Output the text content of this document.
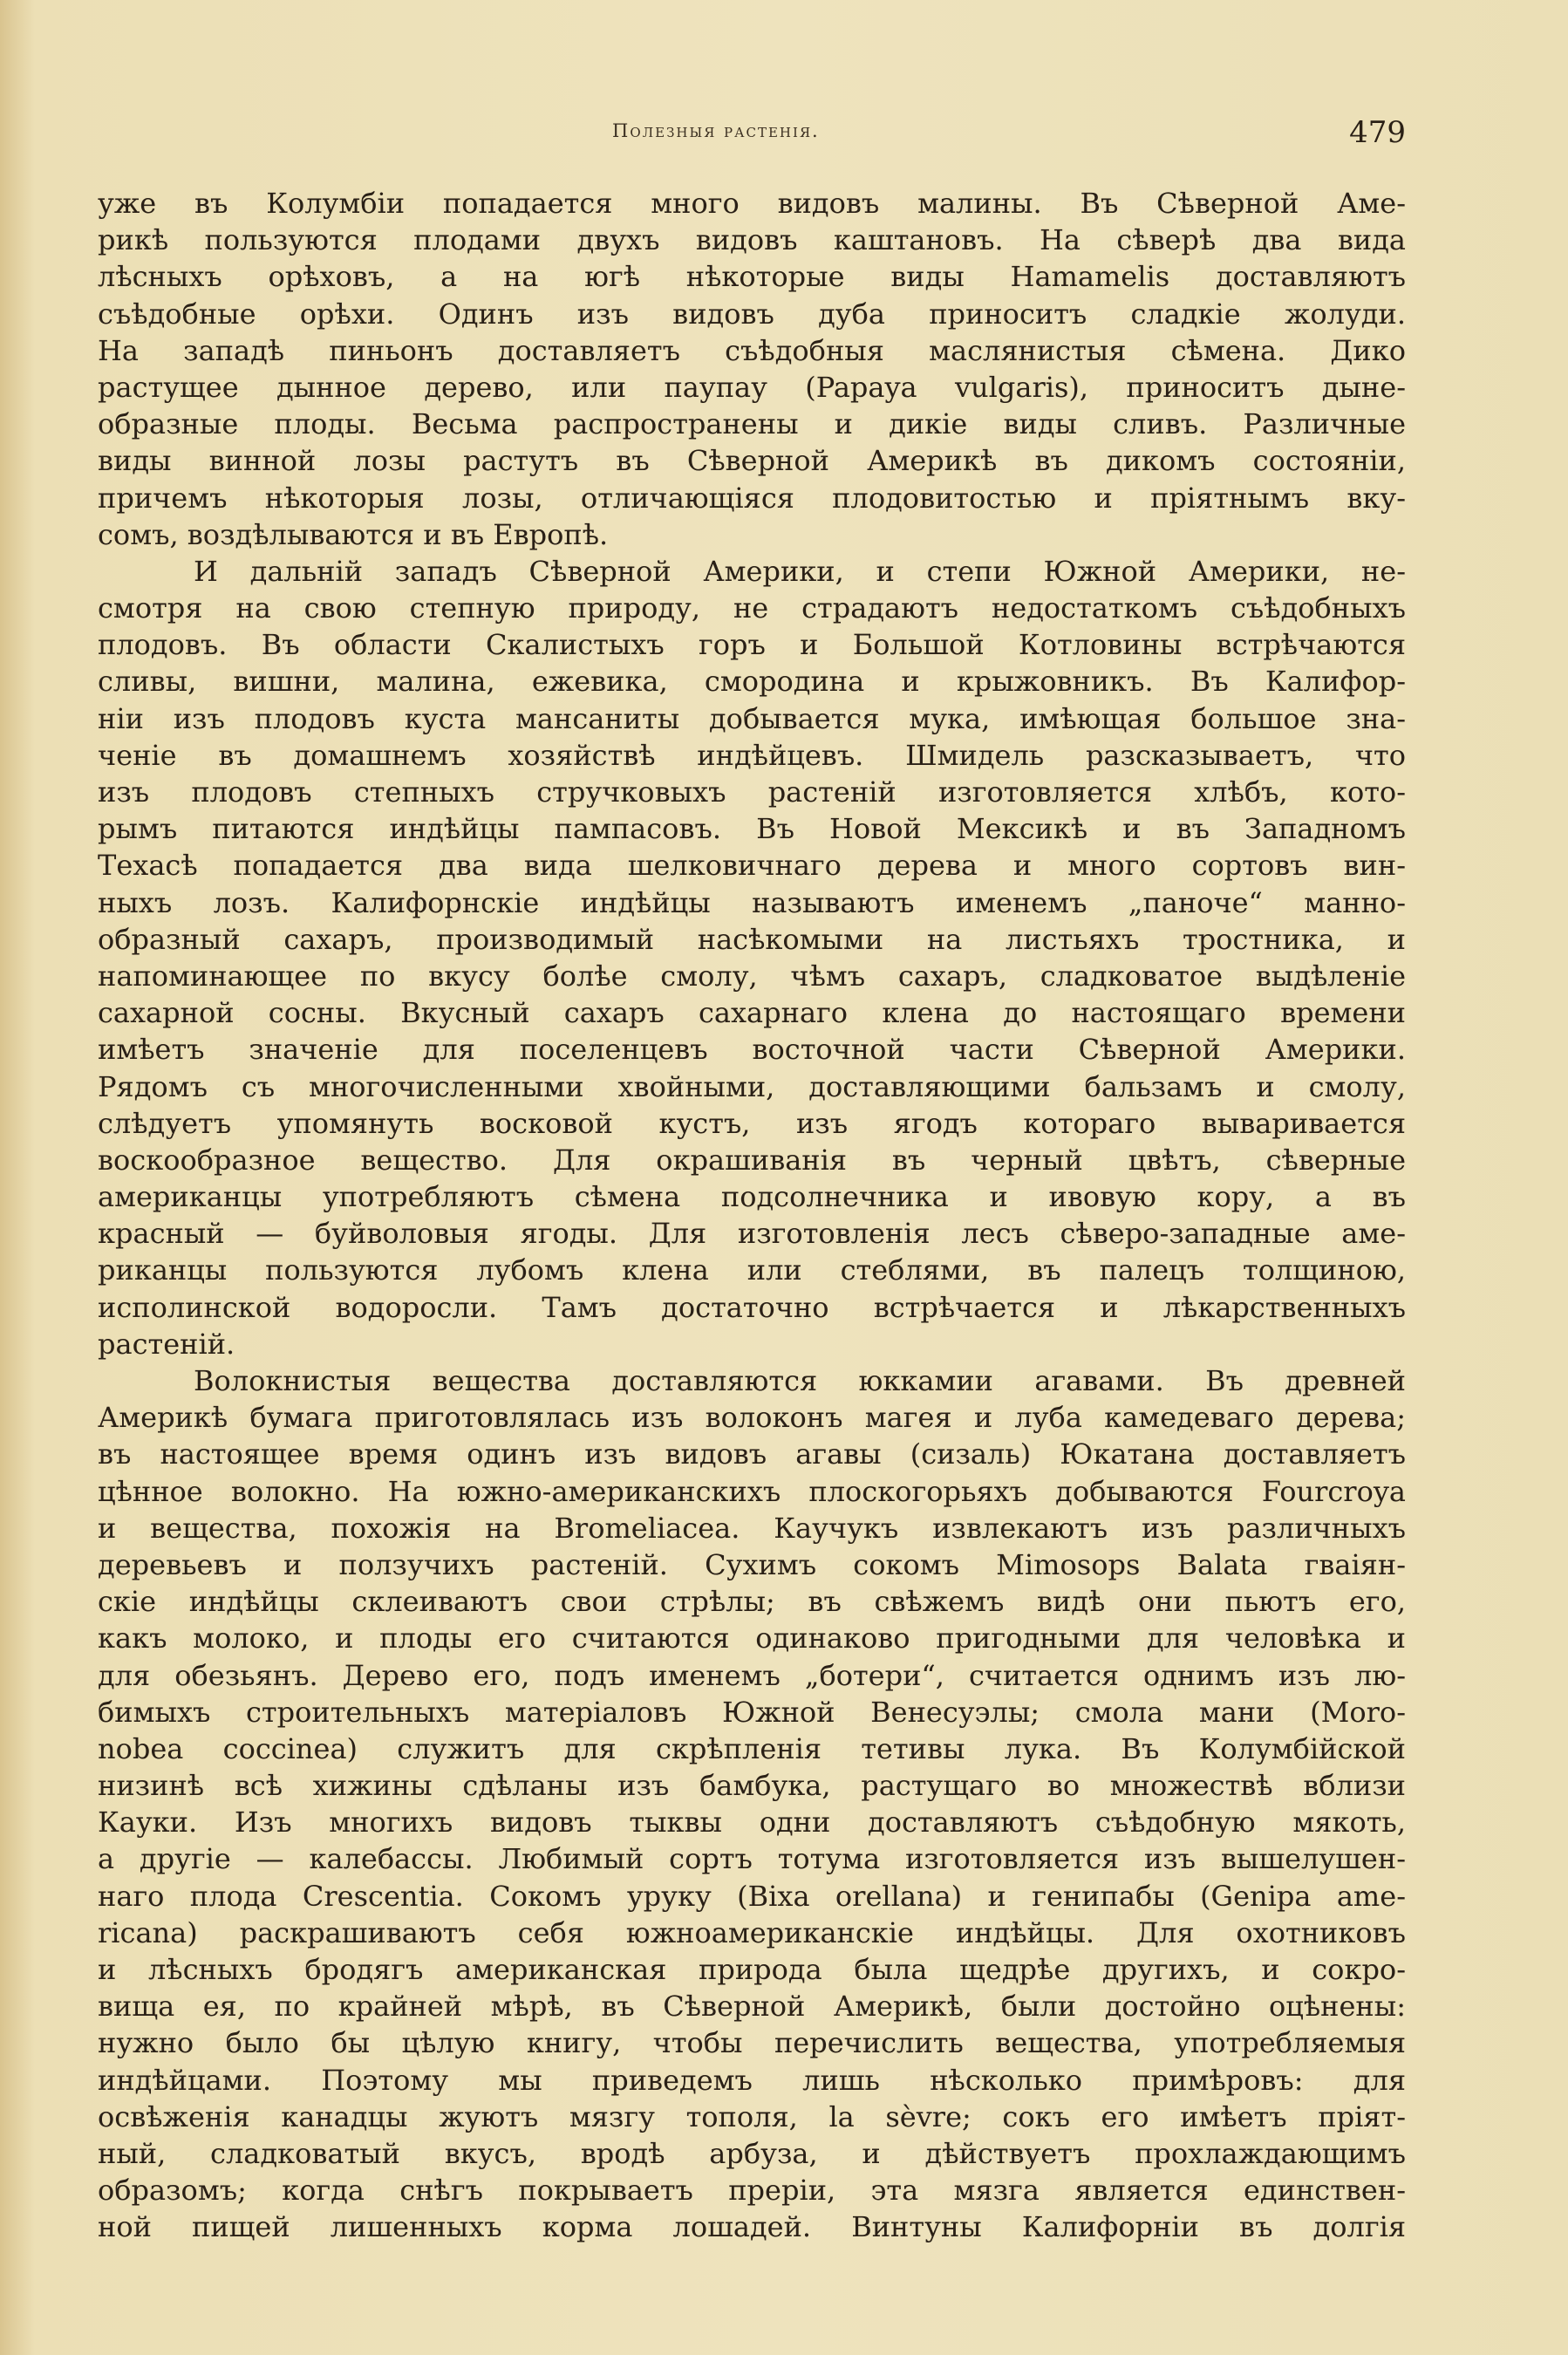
Полезныя растенія.	479
уже въ Колумбіи попадается много видовъ малины. Въ Сѣверной Аме-
рикѣ пользуются плодами двухъ видовъ каштановъ. На сѣверѣ два вида
лѣсныхъ орѣховъ, а на югѣ нѣкоторые виды Hamamelis доставляютъ
съѣдобные орѣхи. Одинъ изъ видовъ дуба приноситъ сладкіе жолуди.
На западѣ пиньонъ доставляетъ съѣдобныя маслянистыя сѣмена. Дико
растущее дынное дерево, или паупау (Papaya vulgaris), приноситъ дыне-
образные плоды. Весьма распространены и дикіе виды сливъ. Различные
виды винной лозы растутъ въ Сѣверной Америкѣ въ дикомъ состояніи,
причемъ нѣкоторыя лозы, отличающіяся плодовитостью и пріятнымъ вку-
сомъ, воздѣлываются и въ Европѣ.
И дальній западъ Сѣверной Америки, и степи Южной Америки, не-
смотря на свою степную природу, не страдаютъ недостаткомъ съѣдобныхъ
плодовъ. Въ области Скалистыхъ горъ и Большой Котловины встрѣчаются
сливы, вишни, малина, ежевика, смородина и крыжовникъ. Въ Калифор-
ніи изъ плодовъ куста мансаниты добывается мука, имѣющая большое зна-
ченіе въ домашнемъ хозяйствѣ индѣйцевъ. Шмидель разсказываетъ, что
изъ плодовъ степныхъ стручковыхъ растеній изготовляется хлѣбъ, кото-
рымъ питаются индѣйцы пампасовъ. Въ Новой Мексикѣ и въ Западномъ
Техасѣ попадается два вида шелковичнаго дерева и много сортовъ вин-
ныхъ лозъ. Калифорнскіе индѣйцы называютъ именемъ „паноче“ манно-
образный сахаръ, производимый насѣкомыми на листьяхъ тростника, и
напоминающее по вкусу болѣе смолу, чѣмъ сахаръ, сладковатое выдѣленіе
сахарной сосны. Вкусный сахаръ сахарнаго клена до настоящаго времени
имѣетъ значеніе для поселенцевъ восточной части Сѣверной Америки.
Рядомъ съ многочисленными хвойными, доставляющими бальзамъ и смолу,
слѣдуетъ упомянуть восковой кустъ, изъ ягодъ котораго вываривается
воскообразное вещество. Для окрашиванія въ черный цвѣтъ, сѣверные
американцы употребляютъ сѣмена подсолнечника и ивовую кору, а въ
красный — буйволовыя ягоды. Для изготовленія лесъ сѣверо-западные аме-
риканцы пользуются лубомъ клена или стеблями, въ палецъ толщиною,
исполинской водоросли. Тамъ достаточно встрѣчается и лѣкарственныхъ
растеній.
Волокнистыя вещества доставляются юккамии агавами. Въ древней
Америкѣ бумага приготовлялась изъ волоконъ магея и луба камедеваго дерева;
въ настоящее время одинъ изъ видовъ агавы (сизаль) Юкатана доставляетъ
цѣнное волокно. На южно-американскихъ плоскогорьяхъ добываются Fourcroya
и вещества, похожія на Bromeliacea. Каучукъ извлекаютъ изъ различныхъ
деревьевъ и ползучихъ растеній. Сухимъ сокомъ Mimosops Balata гваіян-
скіе индѣйцы склеиваютъ свои стрѣлы; въ свѣжемъ видѣ они пьютъ его,
какъ молоко, и плоды его считаются одинаково пригодными для человѣка и
для обезьянъ. Дерево его, подъ именемъ „ботери“, считается однимъ изъ лю-
бимыхъ строительныхъ матеріаловъ Южной Венесуэлы; смола мани (Moro-
nobea coccinea) служитъ для скрѣпленія тетивы лука. Въ Колумбійской
низинѣ всѣ хижины сдѣланы изъ бамбука, растущаго во множествѣ вблизи
Кауки. Изъ многихъ видовъ тыквы одни доставляютъ съѣдобную мякоть,
а другіе — калебассы. Любимый сортъ тотума изготовляется изъ вышелушен-
наго плода Crescentia. Сокомъ уруку (Bixa orellana) и генипабы (Genipa ame-
ricana) раскрашиваютъ себя южноамериканскіе индѣйцы. Для охотниковъ
и лѣсныхъ бродягъ американская природа была щедрѣе другихъ, и сокро-
вища ея, по крайней мѣрѣ, въ Сѣверной Америкѣ, были достойно оцѣнены:
нужно было бы цѣлую книгу, чтобы перечислить вещества, употребляемыя
индѣйцами. Поэтому мы приведемъ лишь нѣсколько примѣровъ: для
освѣженія канадцы жуютъ мязгу тополя, la sèvre; сокъ его имѣетъ пріят-
ный, сладковатый вкусъ, вродѣ арбуза, и дѣйствуетъ прохлаждающимъ
образомъ; когда снѣгъ покрываетъ преріи, эта мязга является единствен-
ной пищей лишенныхъ корма лошадей. Винтуны Калифорніи въ долгія
